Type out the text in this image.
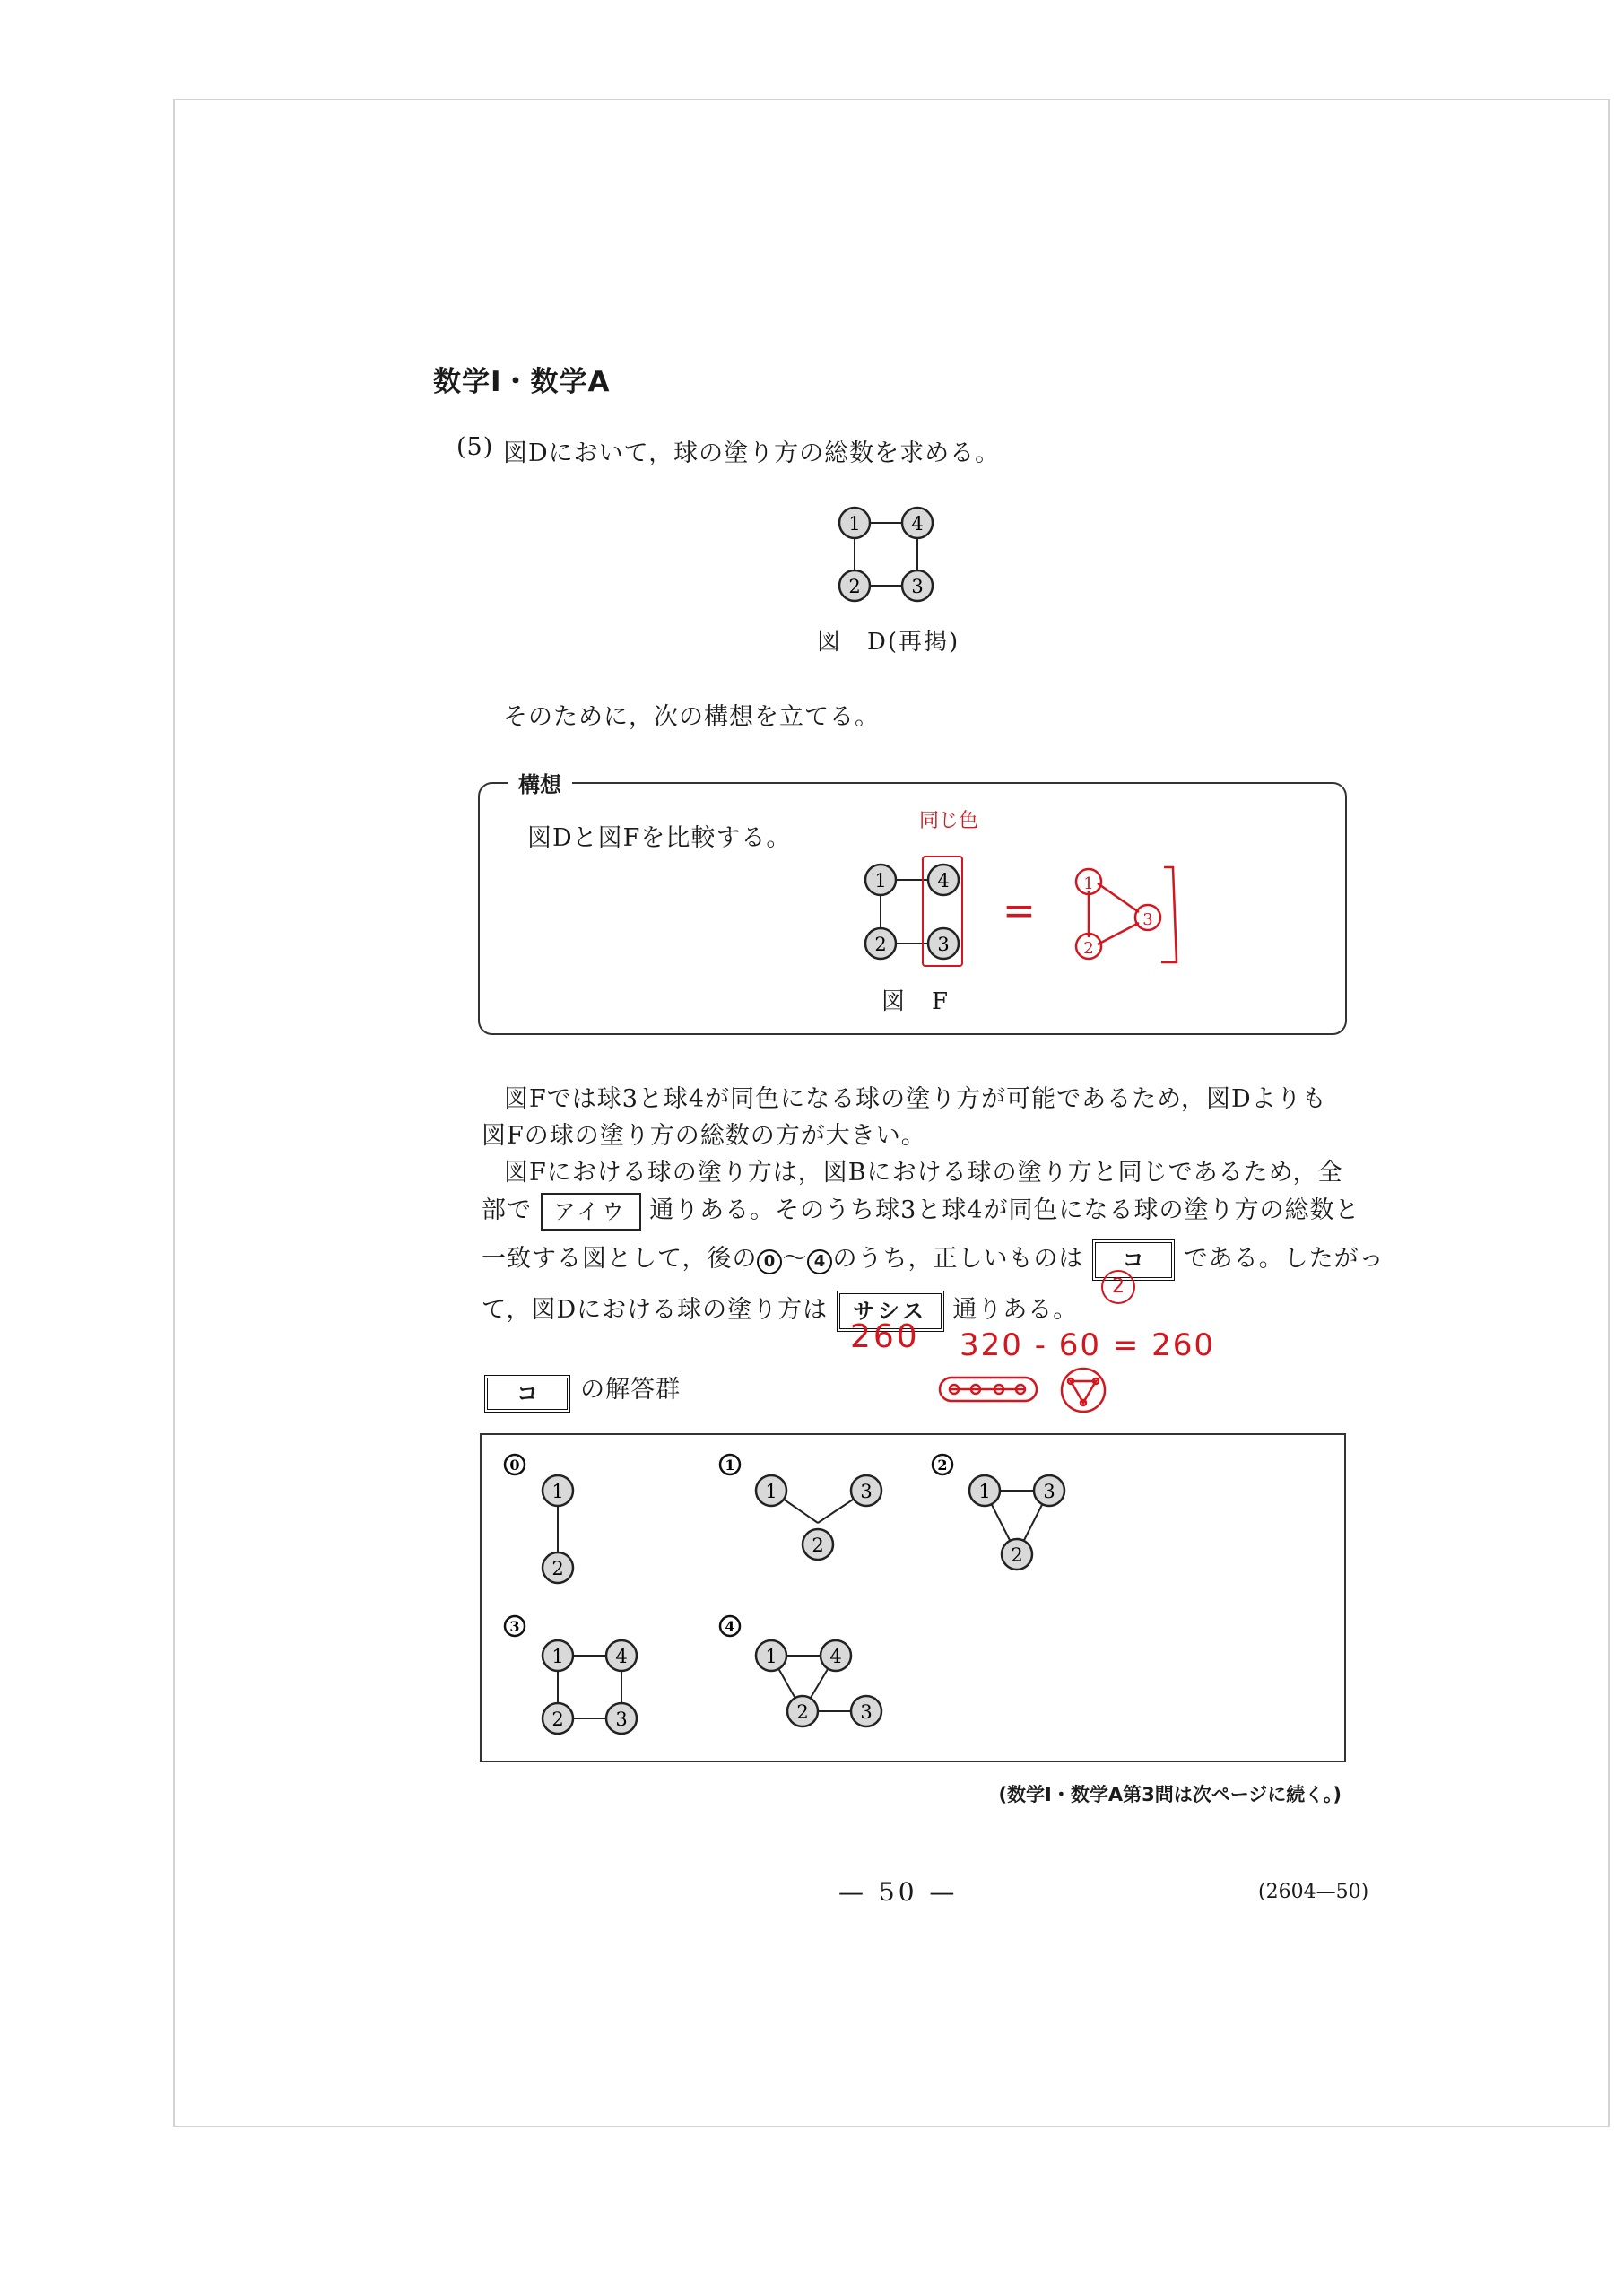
数学Ⅰ・数学A
(5) 図Dにおいて，球の塗り方の総数を求める。
1	4
2	3
図　D(再掲)
そのために，次の構想を立てる。
構想
図Dと図Fを比較する。
1	4
2	3
図　F
同じ色
=
1
2
3
図Fでは球3と球4が同色になる球の塗り方が可能であるため，図Dよりも
図Fの球の塗り方の総数の方が大きい。
図Fにおける球の塗り方は，図Bにおける球の塗り方と同じであるため，全
部で アイウ 通りある。そのうち球3と球4が同色になる球の塗り方の総数と
一致する図として，後の 0 ～ 4 のうち，正しいものは コ である。したがっ
て，図Dにおける球の塗り方は サシス 通りある。
2
260 320 - 60 = 260
コ の解答群
0	1	2
3	4
1
2
1	3
2
1	3
2
1	4
2	3
1	4
2	3
(数学Ⅰ・数学A第3問は次ページに続く。)
— 50 —	(2604—50)
